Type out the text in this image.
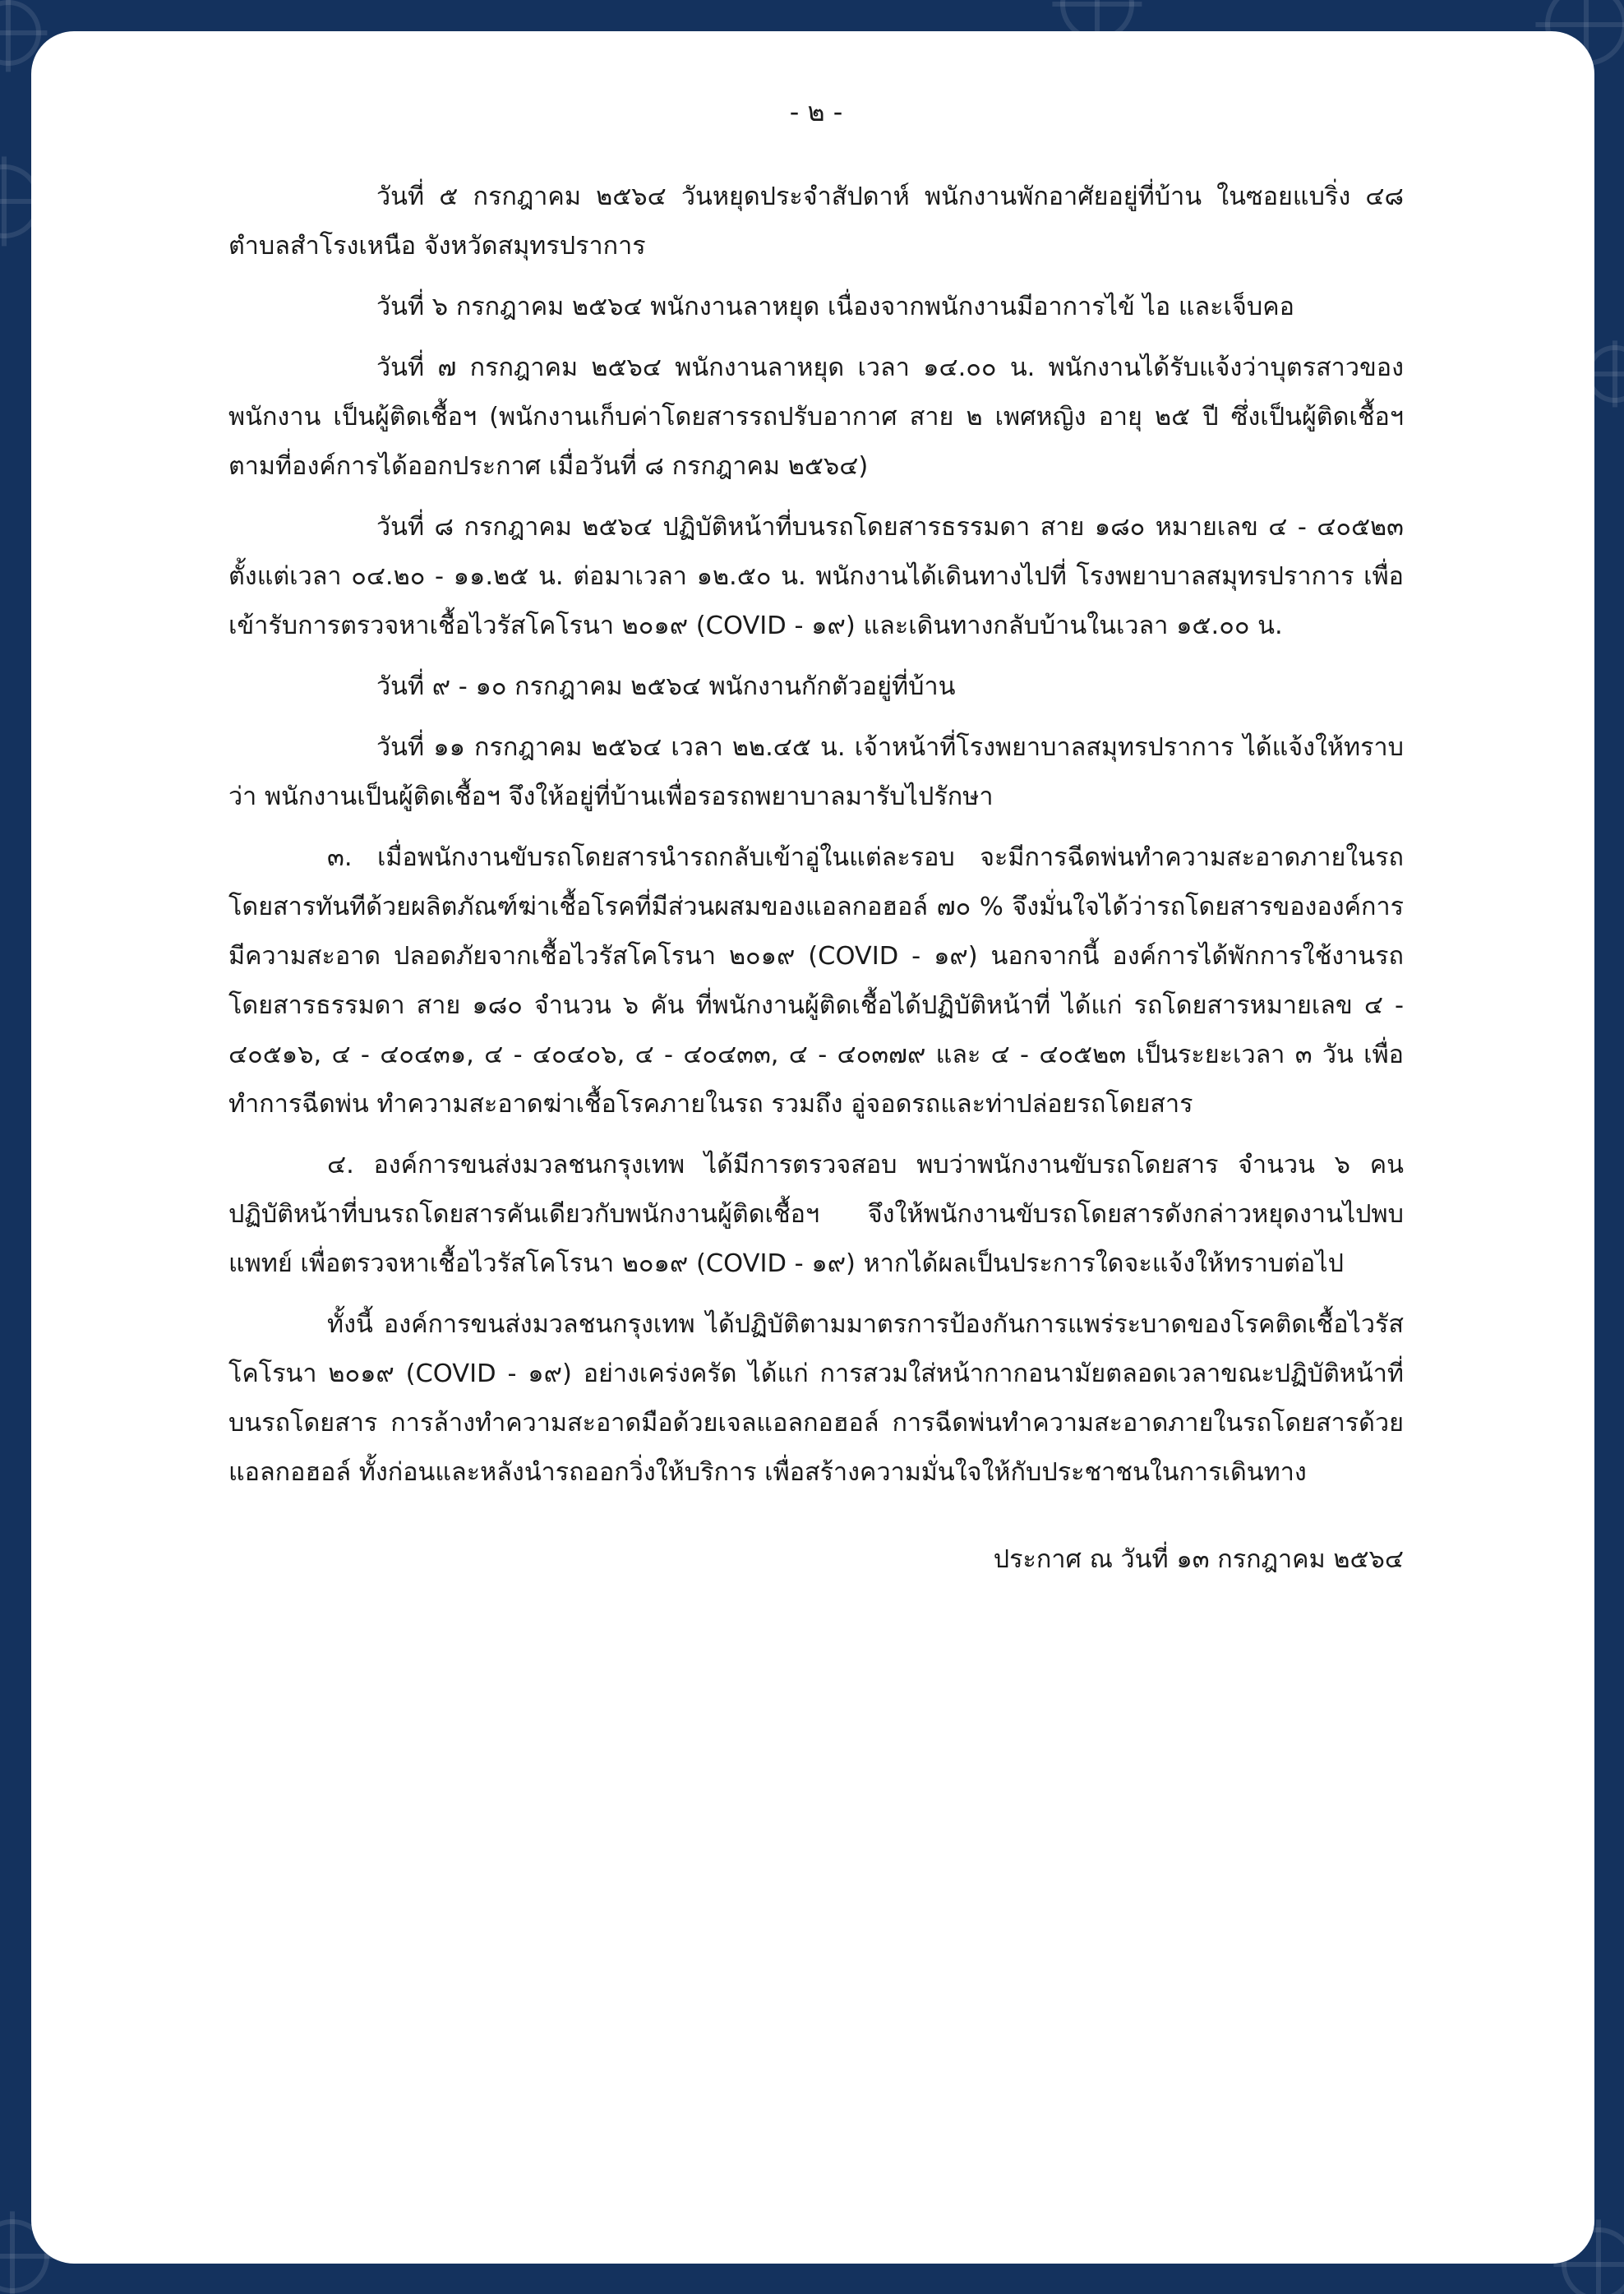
- ๒ -

วันที่ ๕ กรกฎาคม ๒๕๖๔ วันหยุดประจำสัปดาห์ พนักงานพักอาศัยอยู่ที่บ้าน ในซอยแบริ่ง ๔๘ ตำบลสำโรงเหนือ จังหวัดสมุทรปราการ

วันที่ ๖ กรกฎาคม ๒๕๖๔ พนักงานลาหยุด เนื่องจากพนักงานมีอาการไข้ ไอ และเจ็บคอ

วันที่ ๗ กรกฎาคม ๒๕๖๔ พนักงานลาหยุด เวลา ๑๔.๐๐ น. พนักงานได้รับแจ้งว่าบุตรสาวของพนักงาน เป็นผู้ติดเชื้อฯ (พนักงานเก็บค่าโดยสารรถปรับอากาศ สาย ๒ เพศหญิง อายุ ๒๕ ปี ซึ่งเป็นผู้ติดเชื้อฯ ตามที่องค์การได้ออกประกาศ เมื่อวันที่ ๘ กรกฎาคม ๒๕๖๔)

วันที่ ๘ กรกฎาคม ๒๕๖๔ ปฏิบัติหน้าที่บนรถโดยสารธรรมดา สาย ๑๘๐ หมายเลข ๔ - ๔๐๕๒๓ ตั้งแต่เวลา ๐๔.๒๐ - ๑๑.๒๕ น. ต่อมาเวลา ๑๒.๕๐ น. พนักงานได้เดินทางไปที่ โรงพยาบาลสมุทรปราการ เพื่อเข้ารับการตรวจหาเชื้อไวรัสโคโรนา ๒๐๑๙ (COVID - ๑๙) และเดินทางกลับบ้านในเวลา ๑๕.๐๐ น.

วันที่ ๙ - ๑๐ กรกฎาคม ๒๕๖๔ พนักงานกักตัวอยู่ที่บ้าน

วันที่ ๑๑ กรกฎาคม ๒๕๖๔ เวลา ๒๒.๔๕ น. เจ้าหน้าที่โรงพยาบาลสมุทรปราการ ได้แจ้งให้ทราบว่า พนักงานเป็นผู้ติดเชื้อฯ จึงให้อยู่ที่บ้านเพื่อรอรถพยาบาลมารับไปรักษา

๓. เมื่อพนักงานขับรถโดยสารนำรถกลับเข้าอู่ในแต่ละรอบ จะมีการฉีดพ่นทำความสะอาดภายในรถโดยสารทันทีด้วยผลิตภัณฑ์ฆ่าเชื้อโรคที่มีส่วนผสมของแอลกอฮอล์ ๗๐ % จึงมั่นใจได้ว่ารถโดยสารขององค์การมีความสะอาด ปลอดภัยจากเชื้อไวรัสโคโรนา ๒๐๑๙ (COVID - ๑๙) นอกจากนี้ องค์การได้พักการใช้งานรถโดยสารธรรมดา สาย ๑๘๐ จำนวน ๖ คัน ที่พนักงานผู้ติดเชื้อได้ปฏิบัติหน้าที่ ได้แก่ รถโดยสารหมายเลข ๔ - ๔๐๕๑๖, ๔ - ๔๐๔๓๑, ๔ - ๔๐๔๐๖, ๔ - ๔๐๔๓๓, ๔ - ๔๐๓๗๙ และ ๔ - ๔๐๕๒๓ เป็นระยะเวลา ๓ วัน เพื่อทำการฉีดพ่น ทำความสะอาดฆ่าเชื้อโรคภายในรถ รวมถึง อู่จอดรถและท่าปล่อยรถโดยสาร

๔. องค์การขนส่งมวลชนกรุงเทพ ได้มีการตรวจสอบ พบว่าพนักงานขับรถโดยสาร จำนวน ๖ คน ปฏิบัติหน้าที่บนรถโดยสารคันเดียวกับพนักงานผู้ติดเชื้อฯ จึงให้พนักงานขับรถโดยสารดังกล่าวหยุดงานไปพบแพทย์ เพื่อตรวจหาเชื้อไวรัสโคโรนา ๒๐๑๙ (COVID - ๑๙) หากได้ผลเป็นประการใดจะแจ้งให้ทราบต่อไป

ทั้งนี้ องค์การขนส่งมวลชนกรุงเทพ ได้ปฏิบัติตามมาตรการป้องกันการแพร่ระบาดของโรคติดเชื้อไวรัสโคโรนา ๒๐๑๙ (COVID - ๑๙) อย่างเคร่งครัด ได้แก่ การสวมใส่หน้ากากอนามัยตลอดเวลาขณะปฏิบัติหน้าที่บนรถโดยสาร การล้างทำความสะอาดมือด้วยเจลแอลกอฮอล์ การฉีดพ่นทำความสะอาดภายในรถโดยสารด้วยแอลกอฮอล์ ทั้งก่อนและหลังนำรถออกวิ่งให้บริการ เพื่อสร้างความมั่นใจให้กับประชาชนในการเดินทาง

ประกาศ ณ วันที่ ๑๓ กรกฎาคม ๒๕๖๔
